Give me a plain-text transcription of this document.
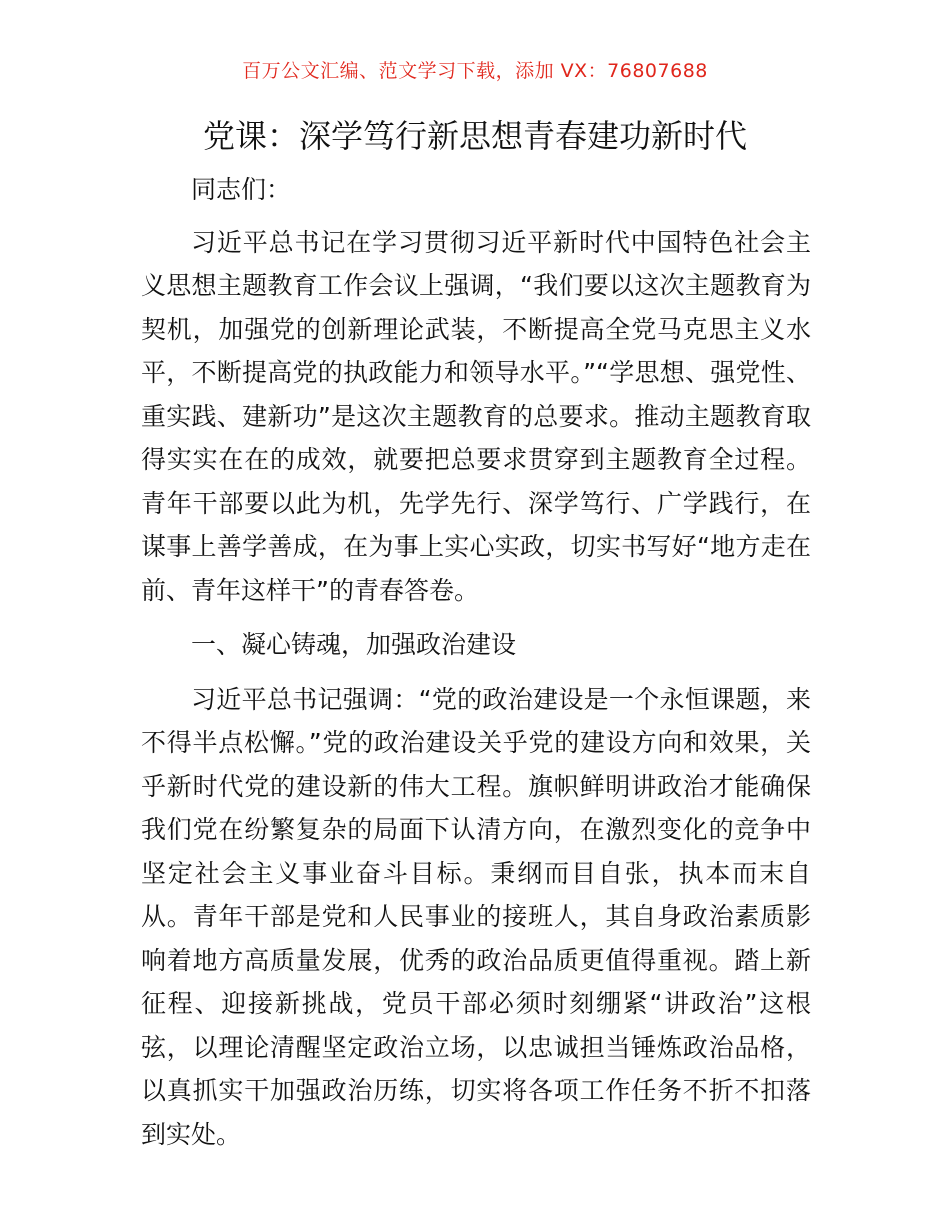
百万公文汇编、范文学习下载，添加 VX：76807688
党课：深学笃行新思想青春建功新时代

同志们：

习近平总书记在学习贯彻习近平新时代中国特色社会主义思想主题教育工作会议上强调，“我们要以这次主题教育为契机，加强党的创新理论武装，不断提高全党马克思主义水平，不断提高党的执政能力和领导水平。”“学思想、强党性、重实践、建新功”是这次主题教育的总要求。推动主题教育取得实实在在的成效，就要把总要求贯穿到主题教育全过程。青年干部要以此为机，先学先行、深学笃行、广学践行，在谋事上善学善成，在为事上实心实政，切实书写好“地方走在前、青年这样干”的青春答卷。

一、凝心铸魂，加强政治建设

习近平总书记强调：“党的政治建设是一个永恒课题，来不得半点松懈。”党的政治建设关乎党的建设方向和效果，关乎新时代党的建设新的伟大工程。旗帜鲜明讲政治才能确保我们党在纷繁复杂的局面下认清方向，在激烈变化的竞争中坚定社会主义事业奋斗目标。秉纲而目自张，执本而末自从。青年干部是党和人民事业的接班人，其自身政治素质影响着地方高质量发展，优秀的政治品质更值得重视。踏上新征程、迎接新挑战，党员干部必须时刻绷紧“讲政治”这根弦，以理论清醒坚定政治立场，以忠诚担当锤炼政治品格，以真抓实干加强政治历练，切实将各项工作任务不折不扣落到实处。
